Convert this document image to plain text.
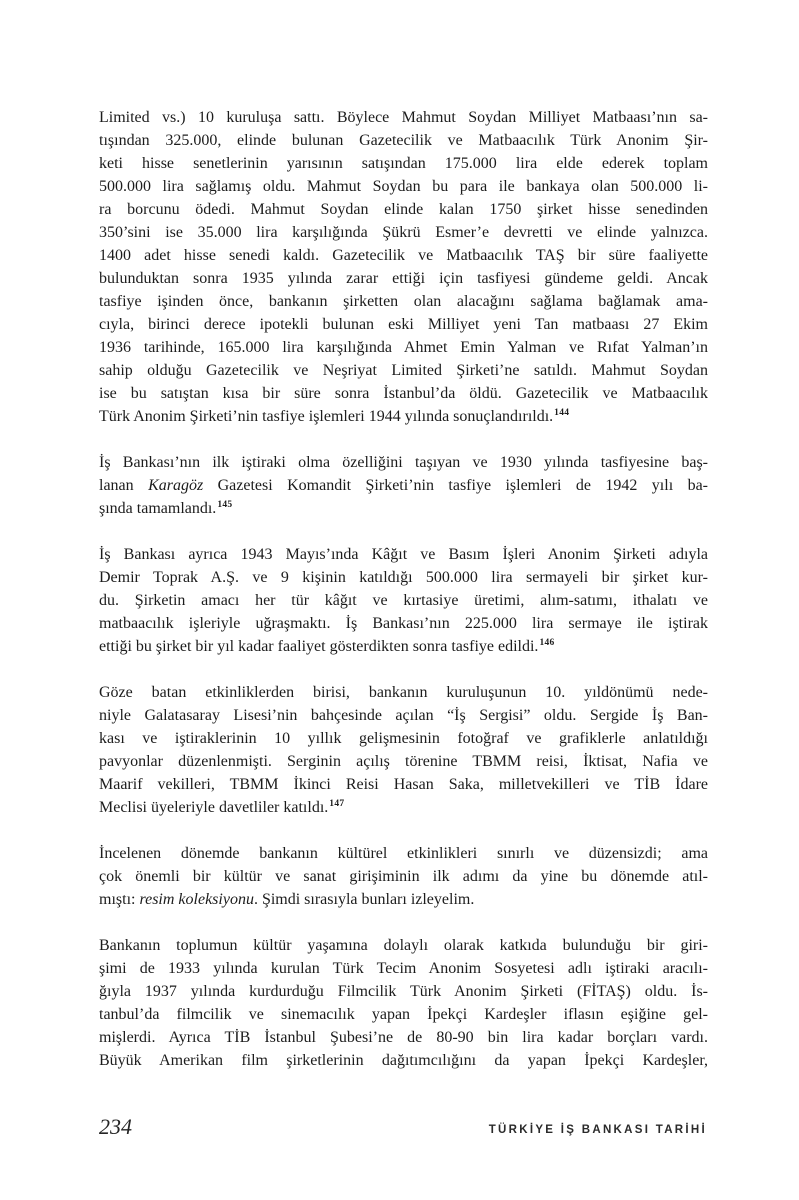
Limited vs.) 10 kuruluşa sattı. Böylece Mahmut Soydan Milliyet Matbaası’nın sa-
tışından 325.000, elinde bulunan Gazetecilik ve Matbaacılık Türk Anonim Şir-
keti hisse senetlerinin yarısının satışından 175.000 lira elde ederek toplam
500.000 lira sağlamış oldu. Mahmut Soydan bu para ile bankaya olan 500.000 li-
ra borcunu ödedi. Mahmut Soydan elinde kalan 1750 şirket hisse senedinden
350’sini ise 35.000 lira karşılığında Şükrü Esmer’e devretti ve elinde yalnızca.
1400 adet hisse senedi kaldı. Gazetecilik ve Matbaacılık TAŞ bir süre faaliyette
bulunduktan sonra 1935 yılında zarar ettiği için tasfiyesi gündeme geldi. Ancak
tasfiye işinden önce, bankanın şirketten olan alacağını sağlama bağlamak ama-
cıyla, birinci derece ipotekli bulunan eski Milliyet yeni Tan matbaası 27 Ekim
1936 tarihinde, 165.000 lira karşılığında Ahmet Emin Yalman ve Rıfat Yalman’ın
sahip olduğu Gazetecilik ve Neşriyat Limited Şirketi’ne satıldı. Mahmut Soydan
ise bu satıştan kısa bir süre sonra İstanbul’da öldü. Gazetecilik ve Matbaacılık
Türk Anonim Şirketi’nin tasfiye işlemleri 1944 yılında sonuçlandırıldı.$^{144}$

İş Bankası’nın ilk iştiraki olma özelliğini taşıyan ve 1930 yılında tasfiyesine baş-
lanan Karagöz Gazetesi Komandit Şirketi’nin tasfiye işlemleri de 1942 yılı ba-
şında tamamlandı.$^{145}$

İş Bankası ayrıca 1943 Mayıs’ında Kâğıt ve Basım İşleri Anonim Şirketi adıyla
Demir Toprak A.Ş. ve 9 kişinin katıldığı 500.000 lira sermayeli bir şirket kur-
du. Şirketin amacı her tür kâğıt ve kırtasiye üretimi, alım-satımı, ithalatı ve
matbaacılık işleriyle uğraşmaktı. İş Bankası’nın 225.000 lira sermaye ile iştirak
ettiği bu şirket bir yıl kadar faaliyet gösterdikten sonra tasfiye edildi.$^{146}$

Göze batan etkinliklerden birisi, bankanın kuruluşunun 10. yıldönümü nede-
niyle Galatasaray Lisesi’nin bahçesinde açılan “İş Sergisi” oldu. Sergide İş Ban-
kası ve iştiraklerinin 10 yıllık gelişmesinin fotoğraf ve grafiklerle anlatıldığı
pavyonlar düzenlenmişti. Serginin açılış törenine TBMM reisi, İktisat, Nafia ve
Maarif vekilleri, TBMM İkinci Reisi Hasan Saka, milletvekilleri ve TİB İdare
Meclisi üyeleriyle davetliler katıldı.$^{147}$

İncelenen dönemde bankanın kültürel etkinlikleri sınırlı ve düzensizdi; ama
çok önemli bir kültür ve sanat girişiminin ilk adımı da yine bu dönemde atıl-
mıştı: resim koleksiyonu. Şimdi sırasıyla bunları izleyelim.

Bankanın toplumun kültür yaşamına dolaylı olarak katkıda bulunduğu bir giri-
şimi de 1933 yılında kurulan Türk Tecim Anonim Sosyetesi adlı iştiraki aracılı-
ğıyla 1937 yılında kurdurduğu Filmcilik Türk Anonim Şirketi (FİTAŞ) oldu. İs-
tanbul’da filmcilik ve sinemacılık yapan İpekçi Kardeşler iflasın eşiğine gel-
mişlerdi. Ayrıca TİB İstanbul Şubesi’ne de 80-90 bin lira kadar borçları vardı.
Büyük Amerikan film şirketlerinin dağıtımcılığını da yapan İpekçi Kardeşler,

234	TÜRKİYE İŞ BANKASI TARİHİ
